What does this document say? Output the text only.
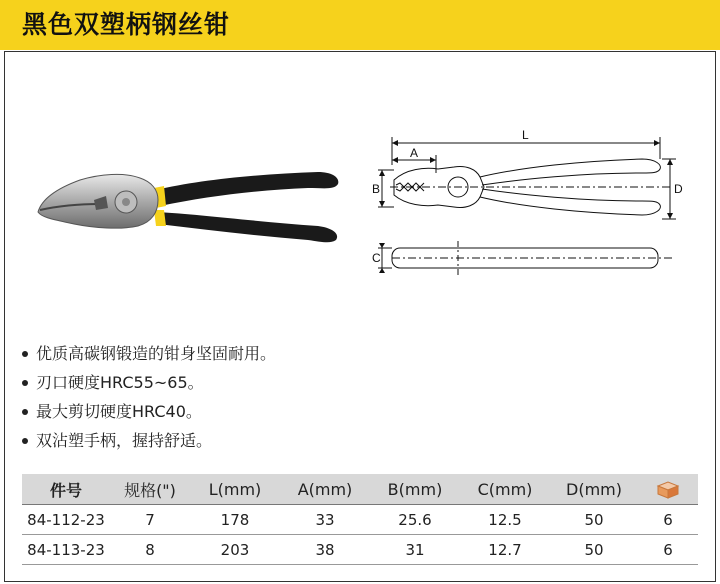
黑色双塑柄钢丝钳
L
A
B	D
C
优质高碳钢锻造的钳身坚固耐用。
刃口硬度HRC55~65。
最大剪切硬度HRC40。
双沾塑手柄，握持舒适。
件号	规格(")	L(mm)	A(mm)	B(mm)	C(mm)	D(mm)	
84-112-23	7	178	33	25.6	12.5	50	6
84-113-23	8	203	38	31	12.7	50	6
